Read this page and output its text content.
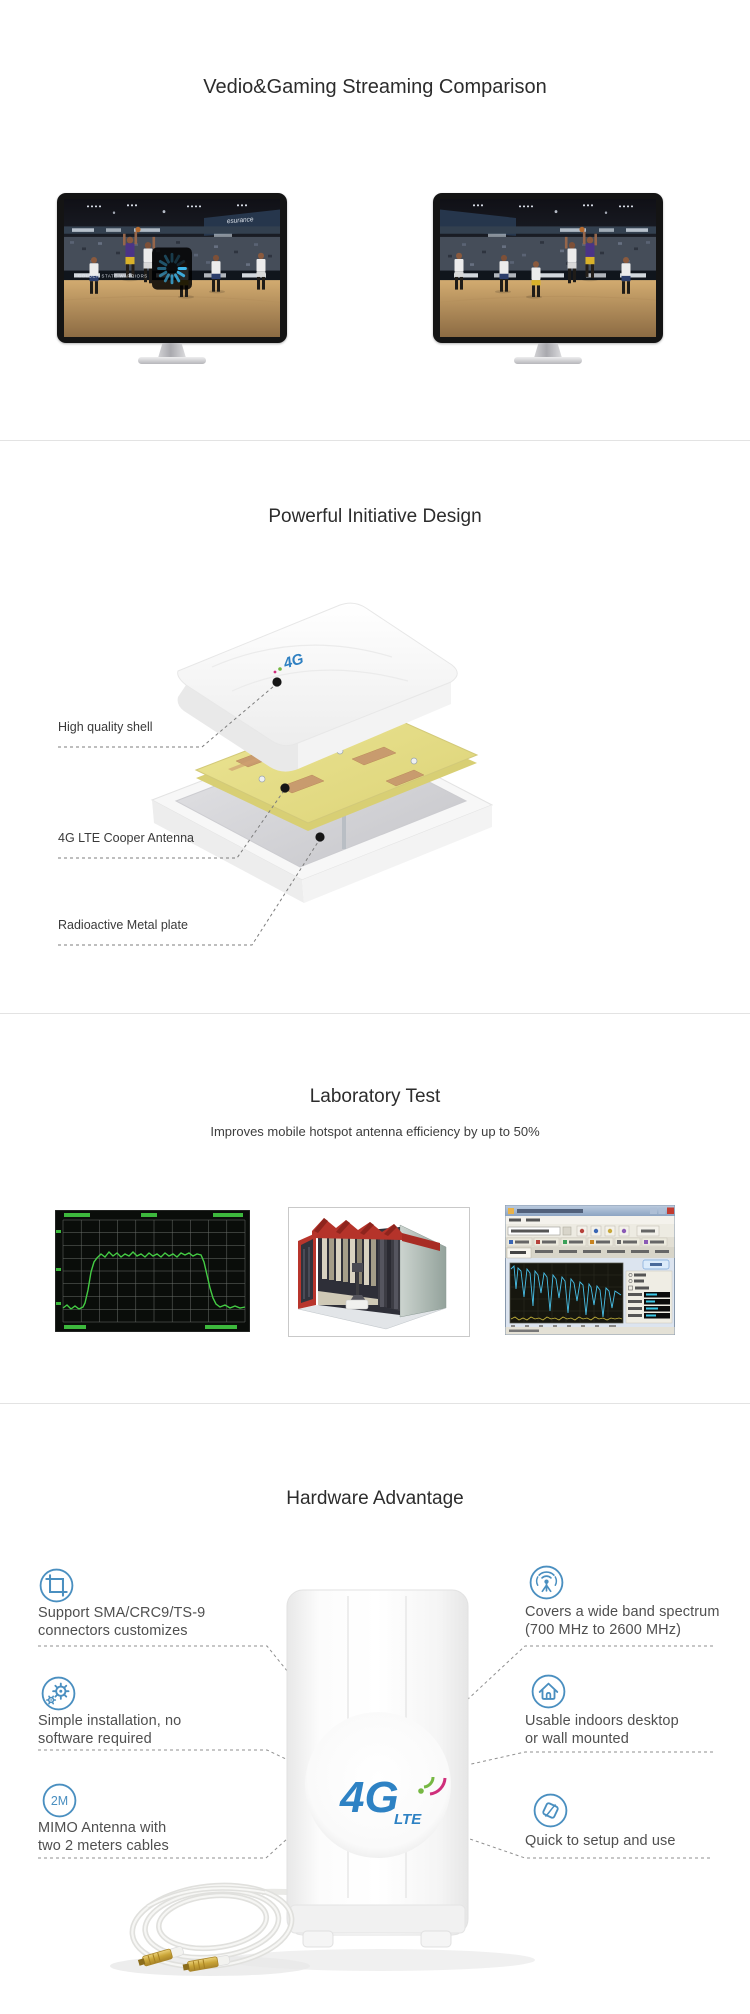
Vedio&Gaming Streaming Comparison
esurance
GOLDEN STATE WARRIORS
Powerful Initiative Design
4G
High quality shell
4G LTE Cooper Antenna
Radioactive Metal plate
Laboratory Test
Improves mobile hotspot antenna efficiency by up to 50%
Hardware Advantage
4G
LTE
2M
Support SMA/CRC9/TS-9
connectors customizes
Simple installation, no
software required
MIMO Antenna with
two 2 meters cables
Covers a wide band spectrum
(700 MHz to 2600 MHz)
Usable indoors desktop
or wall mounted
Quick to setup and use
